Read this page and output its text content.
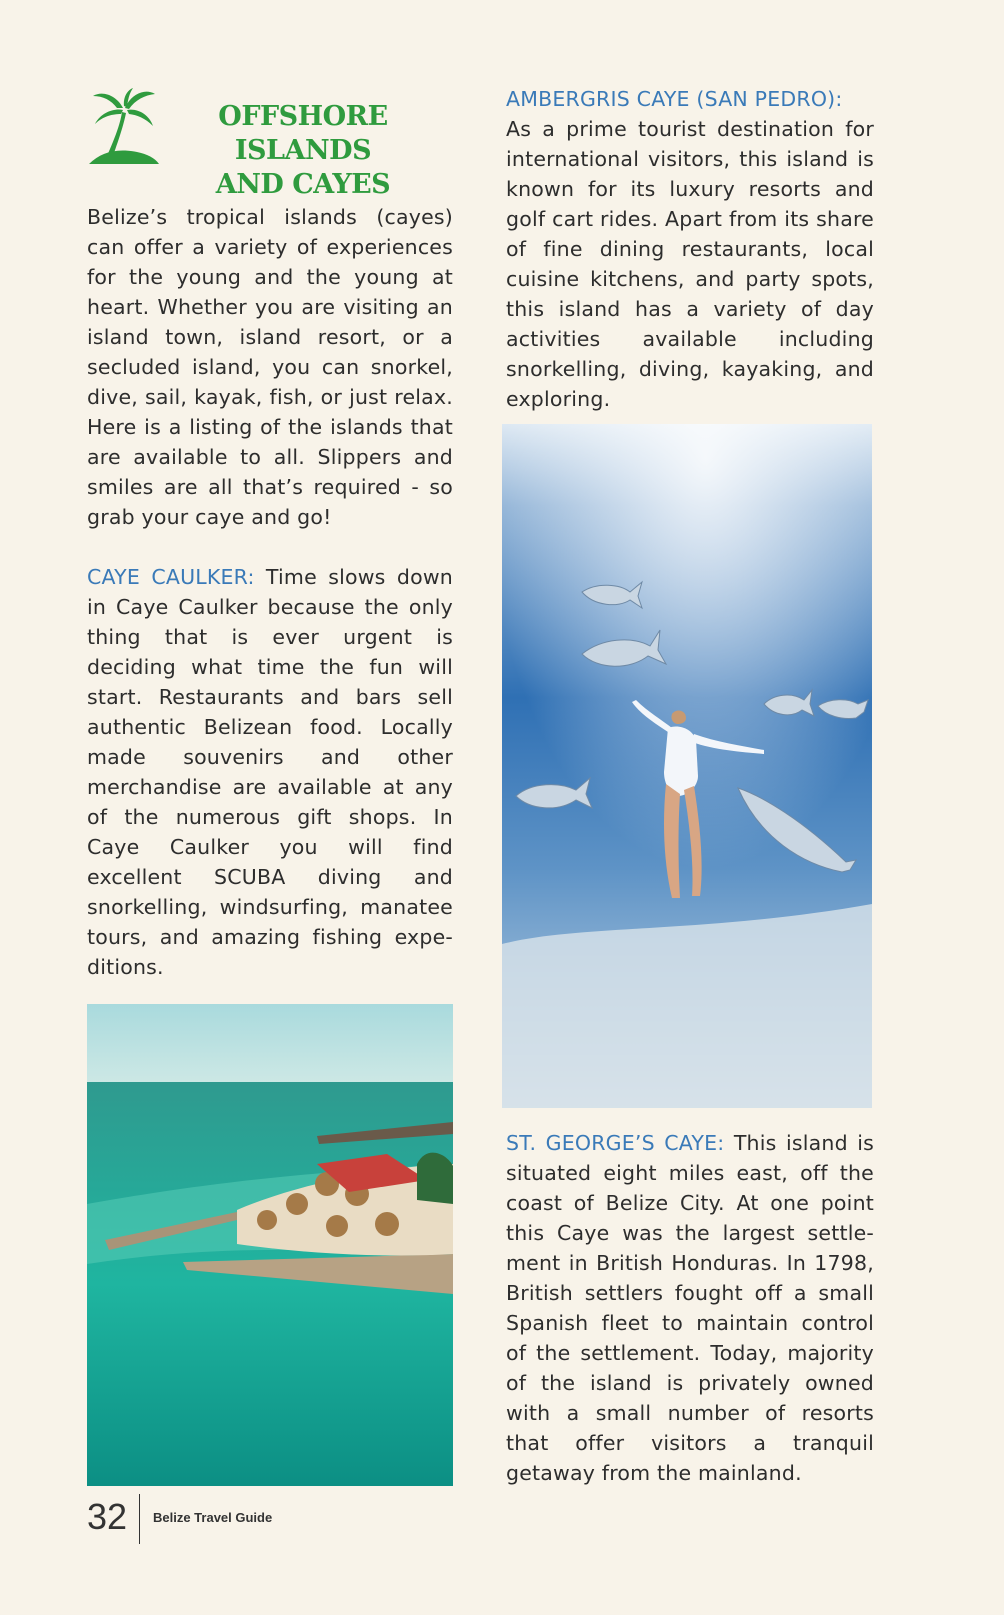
OFFSHORE ISLANDS
AND CAYES

Belize’s tropical islands (cayes) can offer a variety of experiences for the young and the young at heart. Whether you are visiting an island town, island resort, or a secluded island, you can snorkel, dive, sail, kayak, fish, or just relax. Here is a listing of the islands that are available to all. Slippers and smiles are all that’s required - so grab your caye and go!

CAYE CAULKER: Time slows down in Caye Caulker because the only thing that is ever urgent is deciding what time the fun will start. Restaurants and bars sell authentic Belizean food. Locally made souvenirs and other merchandise are available at any of the numerous gift shops. In Caye Caulker you will find excellent SCUBA diving and snorkelling, windsurfing, manatee tours, and amazing fishing expe-ditions.

AMBERGRIS CAYE (SAN PEDRO):
As a prime tourist destination for international visitors, this island is known for its luxury resorts and golf cart rides. Apart from its share of fine dining restaurants, local cuisine kitchens, and party spots, this island has a variety of day activities available including snorkelling, diving, kayaking, and exploring.

ST. GEORGE’S CAYE: This island is situated eight miles east, off the coast of Belize City. At one point this Caye was the largest settle-ment in British Honduras. In 1798, British settlers fought off a small Spanish fleet to maintain control of the settlement. Today, majority of the island is privately owned with a small number of resorts that offer visitors a tranquil getaway from the mainland.

32 Belize Travel Guide
